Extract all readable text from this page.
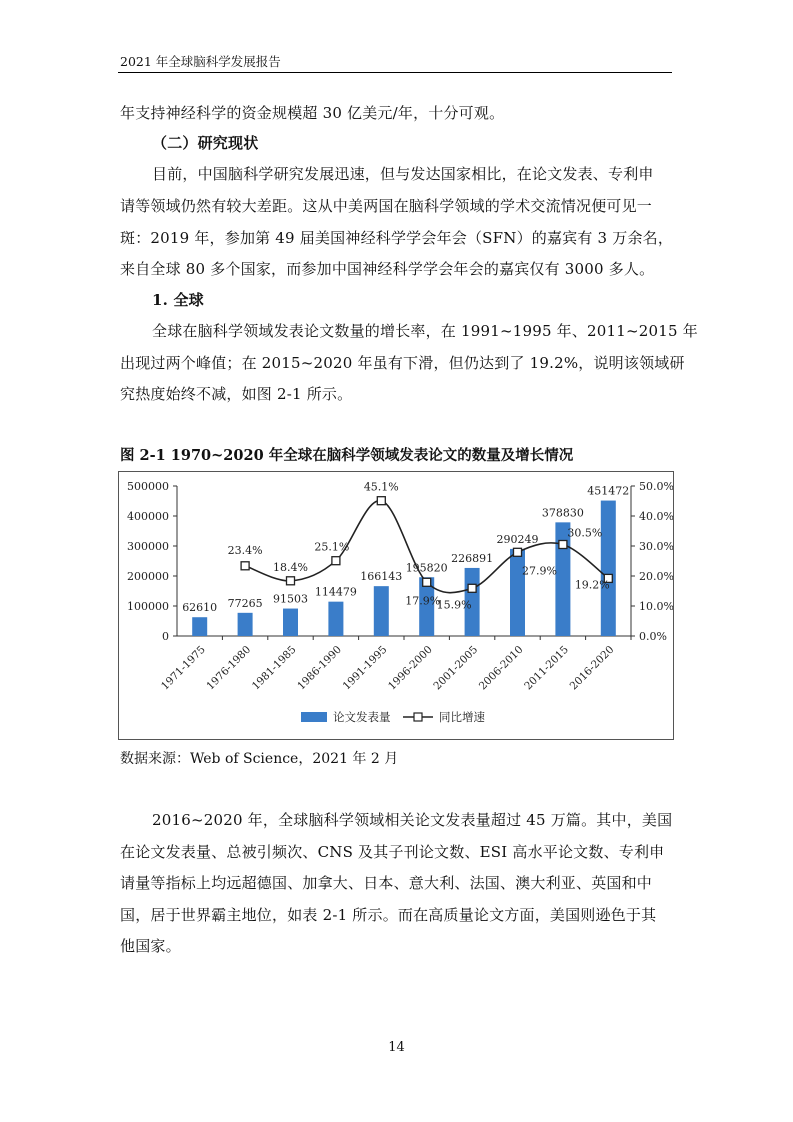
2021 年全球脑科学发展报告
年支持神经科学的资金规模超 30 亿美元/年，十分可观。
（二）研究现状
目前，中国脑科学研究发展迅速，但与发达国家相比，在论文发表、专利申
请等领域仍然有较大差距。这从中美两国在脑科学领域的学术交流情况便可见一
斑：2019 年，参加第 49 届美国神经科学学会年会（SFN）的嘉宾有 3 万余名，
来自全球 80 多个国家，而参加中国神经科学学会年会的嘉宾仅有 3000 多人。
1. 全球
全球在脑科学领域发表论文数量的增长率，在 1991~1995 年、2011~2015 年
出现过两个峰值；在 2015~2020 年虽有下滑，但仍达到了 19.2%，说明该领域研
究热度始终不减，如图 2-1 所示。
图 2-1 1970~2020 年全球在脑科学领域发表论文的数量及增长情况
0
100000
200000
300000
400000
500000
0.0%
10.0%
20.0%
30.0%
40.0%
50.0%
62610
1971-1975
77265
1976-1980
91503
1981-1985
114479
1986-1990
166143
1991-1995
195820
1996-2000
226891
2001-2005
290249
2006-2010
378830
2011-2015
451472
2016-2020
23.4%
18.4%
25.1%
45.1%
17.9%
15.9%
27.9%
30.5%
19.2%
论文发表量	同比增速
数据来源：Web of Science，2021 年 2 月
2016~2020 年，全球脑科学领域相关论文发表量超过 45 万篇。其中，美国
在论文发表量、总被引频次、CNS 及其子刊论文数、ESI 高水平论文数、专利申
请量等指标上均远超德国、加拿大、日本、意大利、法国、澳大利亚、英国和中
国，居于世界霸主地位，如表 2-1 所示。而在高质量论文方面，美国则逊色于其
他国家。
14
